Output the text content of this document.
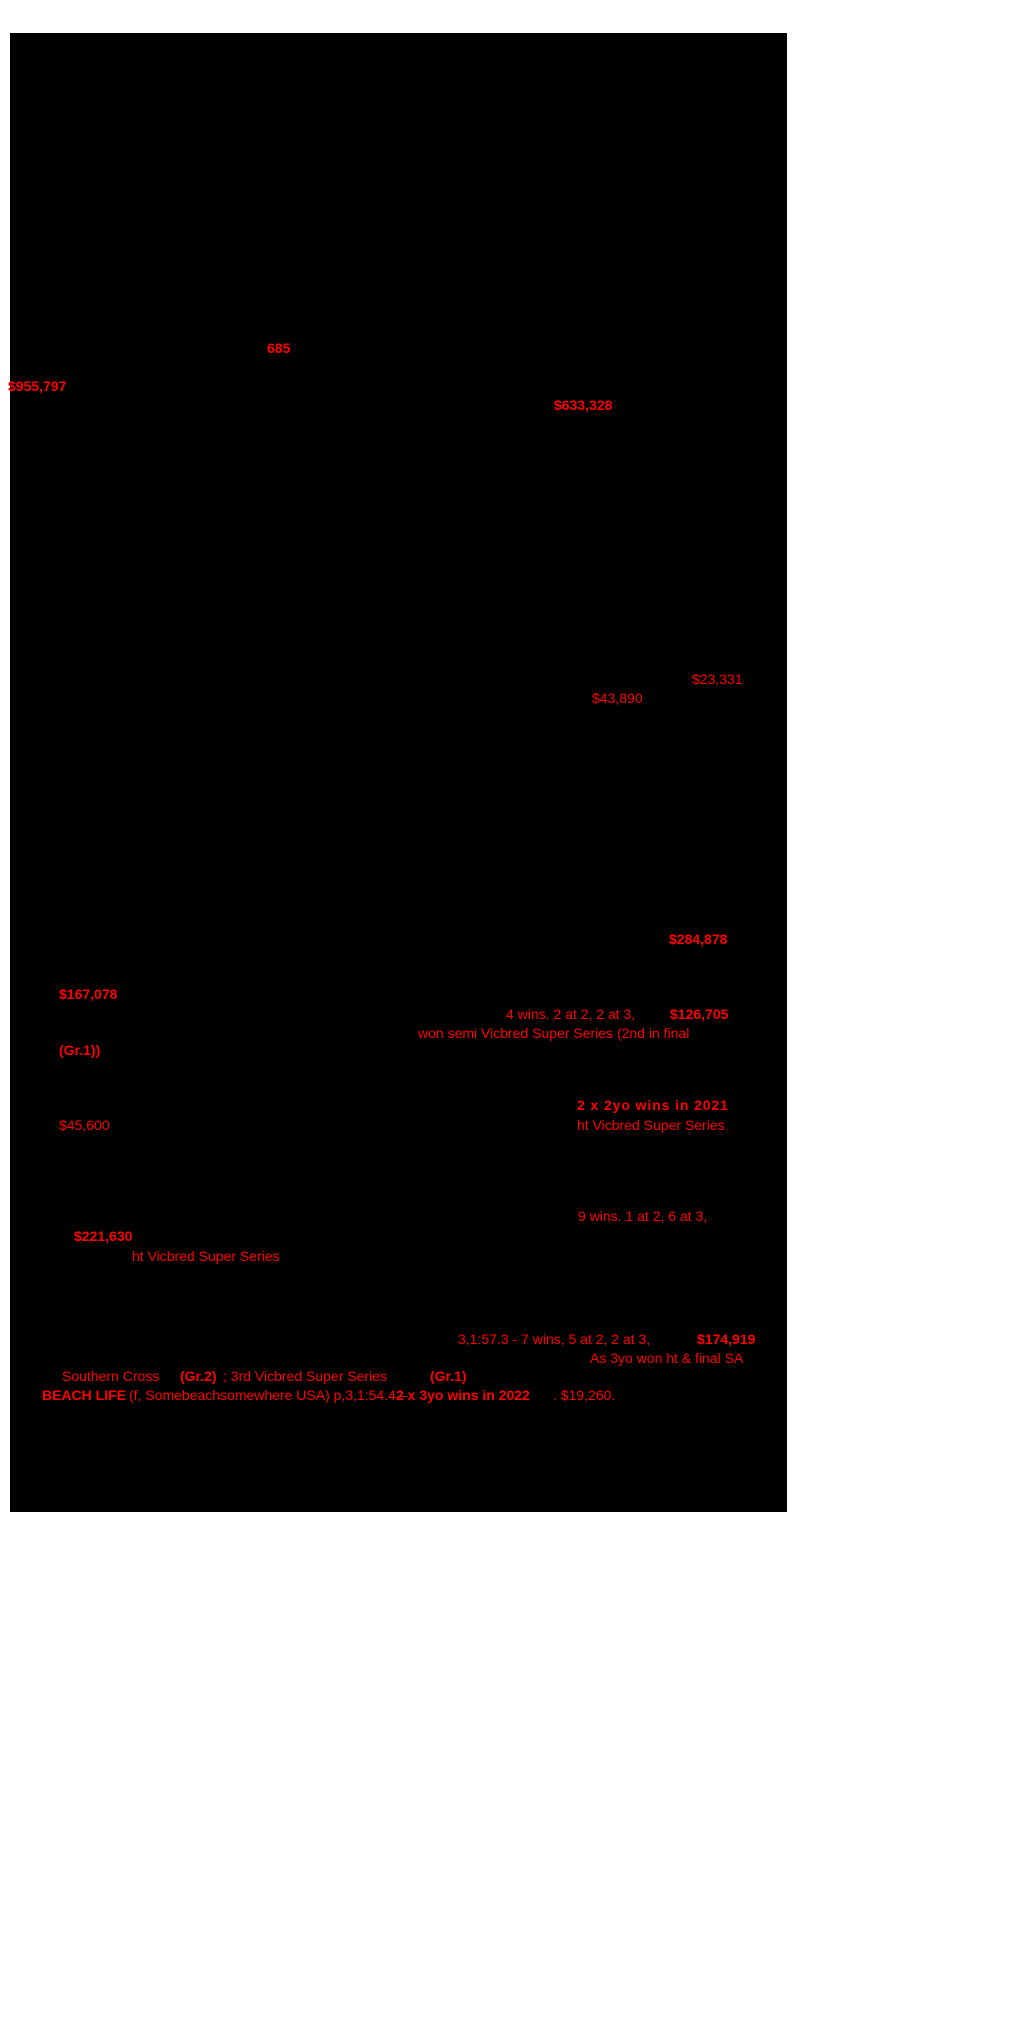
685
$955,797
$633,328
$23,331
$43,890
$284,878
$167,078
4 wins. 2 at 2, 2 at 3, $126,705
won semi Vicbred Super Series (2nd in final
(Gr.1))
2 x 2yo wins in 2021
$45,600	ht Vicbred Super Series
9 wins. 1 at 2, 6 at 3,
$221,630
ht Vicbred Super Series
3,1:57.3 - 7 wins, 5 at 2, 2 at 3,	$174,919
As 3yo won ht & final SA
Southern Cross (Gr.2) ; 3rd Vicbred Super Series	(Gr.1)
BEACH LIFE (f, Somebeachsomewhere USA) p,3,1:54.4 –
2 x 3yo wins in 2022 . $19,260.
